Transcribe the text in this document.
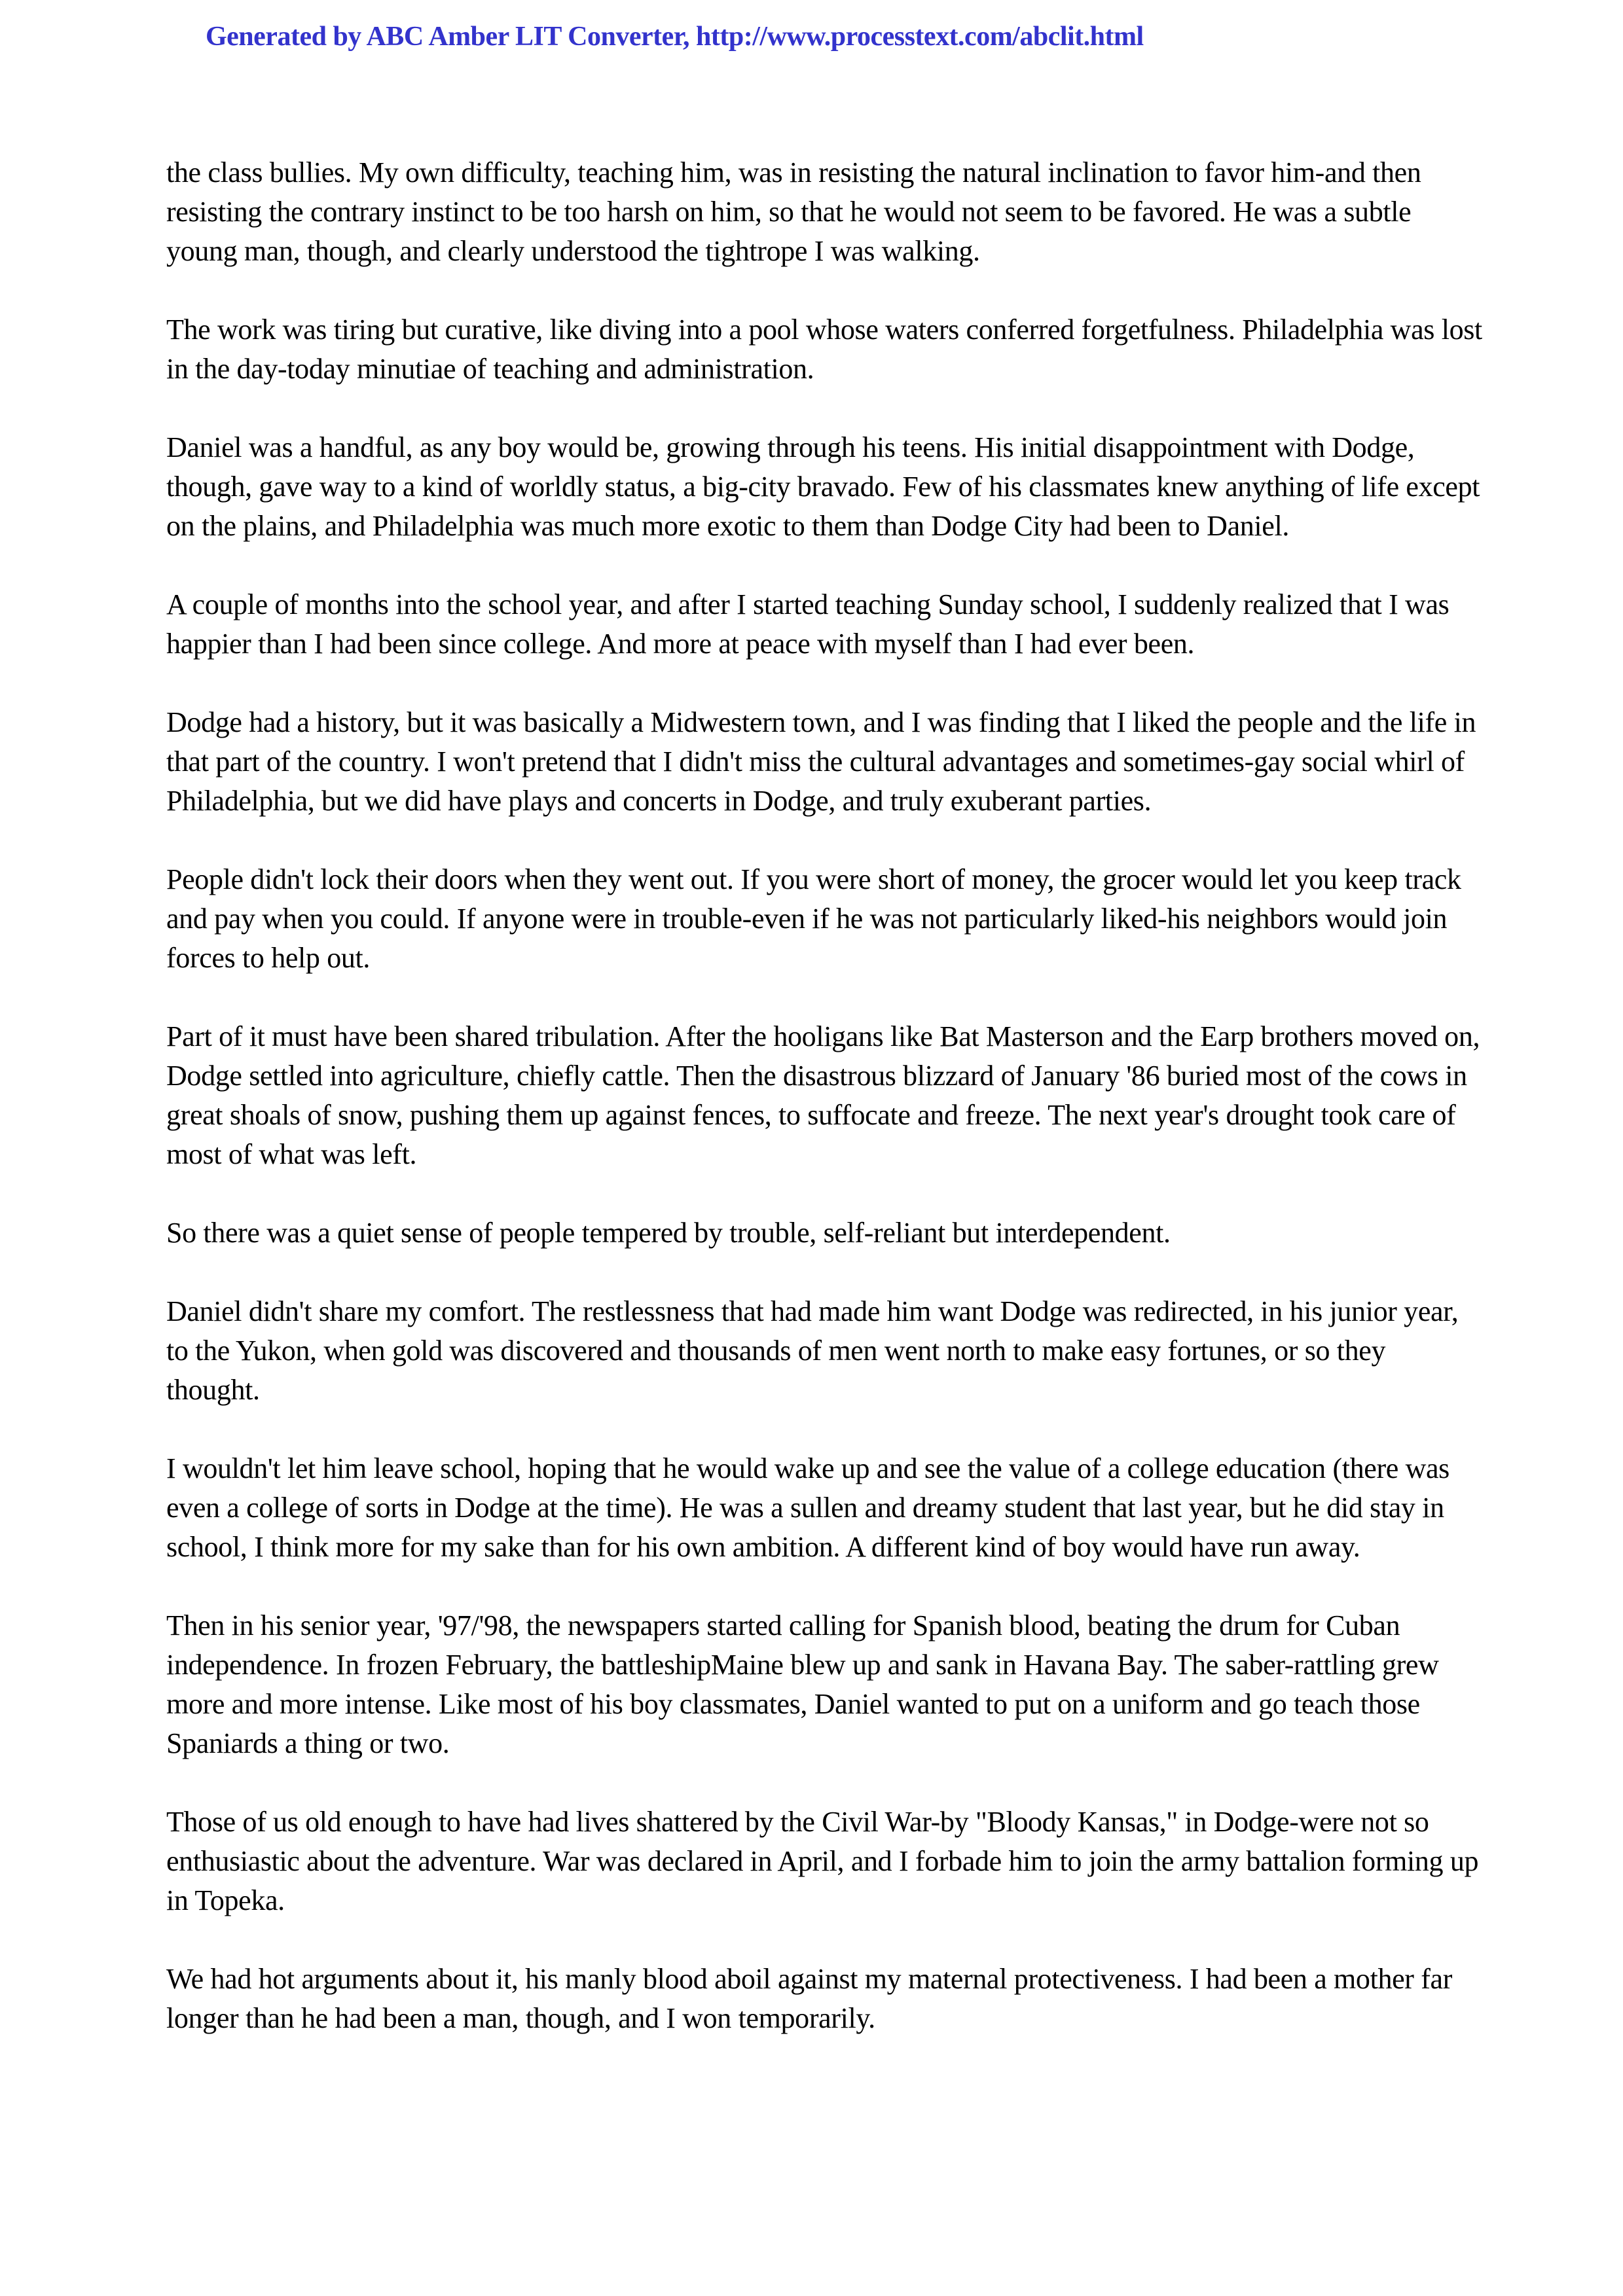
Generated by ABC Amber LIT Converter, http://www.processtext.com/abclit.html

the class bullies. My own difficulty, teaching him, was in resisting the natural inclination to favor him-and then resisting the contrary instinct to be too harsh on him, so that he would not seem to be favored. He was a subtle young man, though, and clearly understood the tightrope I was walking.

The work was tiring but curative, like diving into a pool whose waters conferred forgetfulness. Philadelphia was lost in the day-today minutiae of teaching and administration.

Daniel was a handful, as any boy would be, growing through his teens. His initial disappointment with Dodge, though, gave way to a kind of worldly status, a big-city bravado. Few of his classmates knew anything of life except on the plains, and Philadelphia was much more exotic to them than Dodge City had been to Daniel.

A couple of months into the school year, and after I started teaching Sunday school, I suddenly realized that I was happier than I had been since college. And more at peace with myself than I had ever been.

Dodge had a history, but it was basically a Midwestern town, and I was finding that I liked the people and the life in that part of the country. I won't pretend that I didn't miss the cultural advantages and sometimes-gay social whirl of Philadelphia, but we did have plays and concerts in Dodge, and truly exuberant parties.

People didn't lock their doors when they went out. If you were short of money, the grocer would let you keep track and pay when you could. If anyone were in trouble-even if he was not particularly liked-his neighbors would join forces to help out.

Part of it must have been shared tribulation. After the hooligans like Bat Masterson and the Earp brothers moved on, Dodge settled into agriculture, chiefly cattle. Then the disastrous blizzard of January '86 buried most of the cows in great shoals of snow, pushing them up against fences, to suffocate and freeze. The next year's drought took care of most of what was left.

So there was a quiet sense of people tempered by trouble, self-reliant but interdependent.

Daniel didn't share my comfort. The restlessness that had made him want Dodge was redirected, in his junior year, to the Yukon, when gold was discovered and thousands of men went north to make easy fortunes, or so they thought.

I wouldn't let him leave school, hoping that he would wake up and see the value of a college education (there was even a college of sorts in Dodge at the time). He was a sullen and dreamy student that last year, but he did stay in school, I think more for my sake than for his own ambition. A different kind of boy would have run away.

Then in his senior year, '97/'98, the newspapers started calling for Spanish blood, beating the drum for Cuban independence. In frozen February, the battleshipMaine blew up and sank in Havana Bay. The saber-rattling grew more and more intense. Like most of his boy classmates, Daniel wanted to put on a uniform and go teach those Spaniards a thing or two.

Those of us old enough to have had lives shattered by the Civil War-by "Bloody Kansas," in Dodge-were not so enthusiastic about the adventure. War was declared in April, and I forbade him to join the army battalion forming up in Topeka.

We had hot arguments about it, his manly blood aboil against my maternal protectiveness. I had been a mother far longer than he had been a man, though, and I won temporarily.
